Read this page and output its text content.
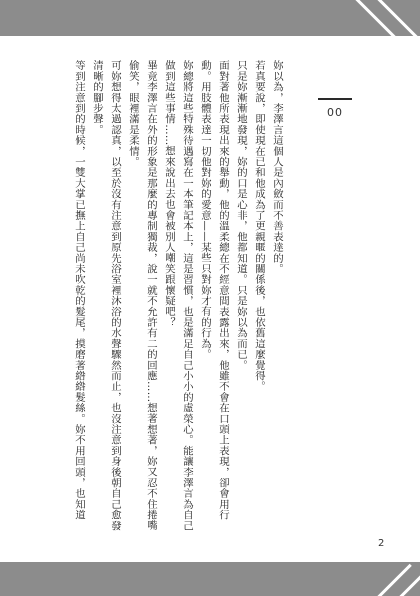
00

妳以為，李澤言這個人是內斂而不善表達的。

若真要說，即使現在已和他成為了更親暱的關係後，也依舊這麼覺得。

只是妳漸漸地發現，妳的口是心非，他都知道。只是妳以為而已。

面對著他所表現出來的舉動，他的溫柔總在不經意間表露出來，他雖不會在口頭上表現，卻會用行動。用肢體表達一切他對妳的愛意——某些只對妳才有的行為。

妳總將這些特殊待遇寫在一本筆記本上，這是習慣，也是滿足自己小小的虛榮心。能讓李澤言為自己做到這些事情……想來說出去也會被別人嘲笑跟懷疑吧？

畢竟李澤言在外的形象是那麼的專制獨裁，說一就不允許有二的回應……想著想著，妳又忍不住捲嘴偷笑，眼裡滿是柔情。

可妳想得太過認真，以至於沒有注意到原先浴室裡沐浴的水聲驟然而止，也沒注意到身後朝自己愈發清晰的腳步聲。

等到注意到的時候，一雙大掌已撫上自己尚未吹乾的髮尾，摸磨著綹綹髮絲。妳不用回頭，也知道

2
